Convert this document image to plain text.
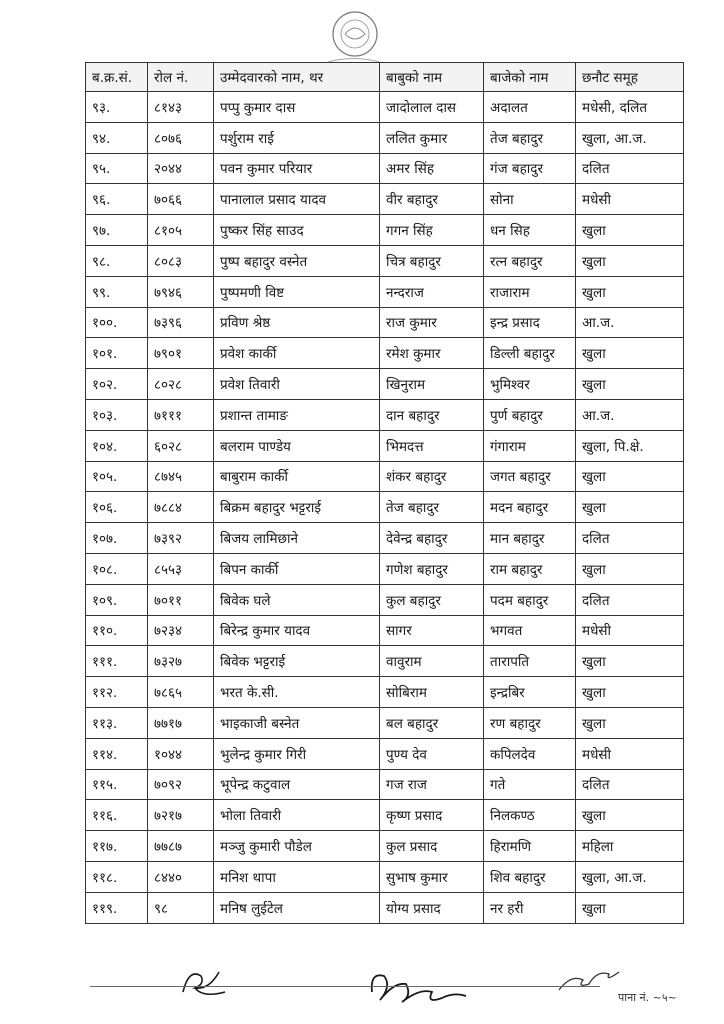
ब.क्र.सं.	रोल नं.	उम्मेदवारको नाम, थर	बाबुको नाम	बाजेको नाम	छनौट समूह
९३.	८१४३	पप्पु कुमार दास	जादोलाल दास	अदालत	मधेसी, दलित
९४.	८०७६	पर्शुराम राई	ललित कुमार	तेज बहादुर	खुला, आ.ज.
९५.	२०४४	पवन कुमार परियार	अमर सिंह	गंज बहादुर	दलित
९६.	७०६६	पानालाल प्रसाद यादव	वीर बहादुर	सोना	मधेसी
९७.	८१०५	पुष्कर सिंह साउद	गगन सिंह	धन सिह	खुला
९८.	८०८३	पुष्प बहादुर वस्नेत	चित्र बहादुर	रत्न बहादुर	खुला
९९.	७९४६	पुष्पमणी विष्ट	नन्दराज	राजाराम	खुला
१००.	७३९६	प्रविण श्रेष्ठ	राज कुमार	इन्द्र प्रसाद	आ.ज.
१०१.	७९०१	प्रवेश कार्की	रमेश कुमार	डिल्ली बहादुर	खुला
१०२.	८०२८	प्रवेश तिवारी	खिनुराम	भुमिश्वर	खुला
१०३.	७१११	प्रशान्त तामाङ	दान बहादुर	पुर्ण बहादुर	आ.ज.
१०४.	६०२८	बलराम पाण्डेय	भिमदत्त	गंगाराम	खुला, पि.क्षे.
१०५.	८७४५	बाबुराम कार्की	शंकर बहादुर	जगत बहादुर	खुला
१०६.	७८८४	बिक्रम बहादुर भट्टराई	तेज बहादुर	मदन बहादुर	खुला
१०७.	७३९२	बिजय लामिछाने	देवेन्द्र बहादुर	मान बहादुर	दलित
१०८.	८५५३	बिपन कार्की	गणेश बहादुर	राम बहादुर	खुला
१०९.	७०११	बिवेक घले	कुल बहादुर	पदम बहादुर	दलित
११०.	७२३४	बिरेन्द्र कुमार यादव	सागर	भगवत	मधेसी
१११.	७३२७	बिवेक भट्टराई	वावुराम	तारापति	खुला
११२.	७८६५	भरत के.सी.	सोबिराम	इन्द्रबिर	खुला
११३.	७७१७	भाइकाजी बस्नेत	बल बहादुर	रण बहादुर	खुला
११४.	१०४४	भुलेन्द्र कुमार गिरी	पुण्य देव	कपिलदेव	मधेसी
११५.	७०९२	भूपेन्द्र कटुवाल	गज राज	गते	दलित
११६.	७२१७	भोला तिवारी	कृष्ण प्रसाद	निलकण्ठ	खुला
११७.	७७८७	मञ्जु कुमारी पौडेल	कुल प्रसाद	हिरामणि	महिला
११८.	८४४०	मनिश थापा	सुभाष कुमार	शिव बहादुर	खुला, आ.ज.
११९.	९८	मनिष लुईटेल	योग्य प्रसाद	नर हरी	खुला
पाना नं. ~५~
